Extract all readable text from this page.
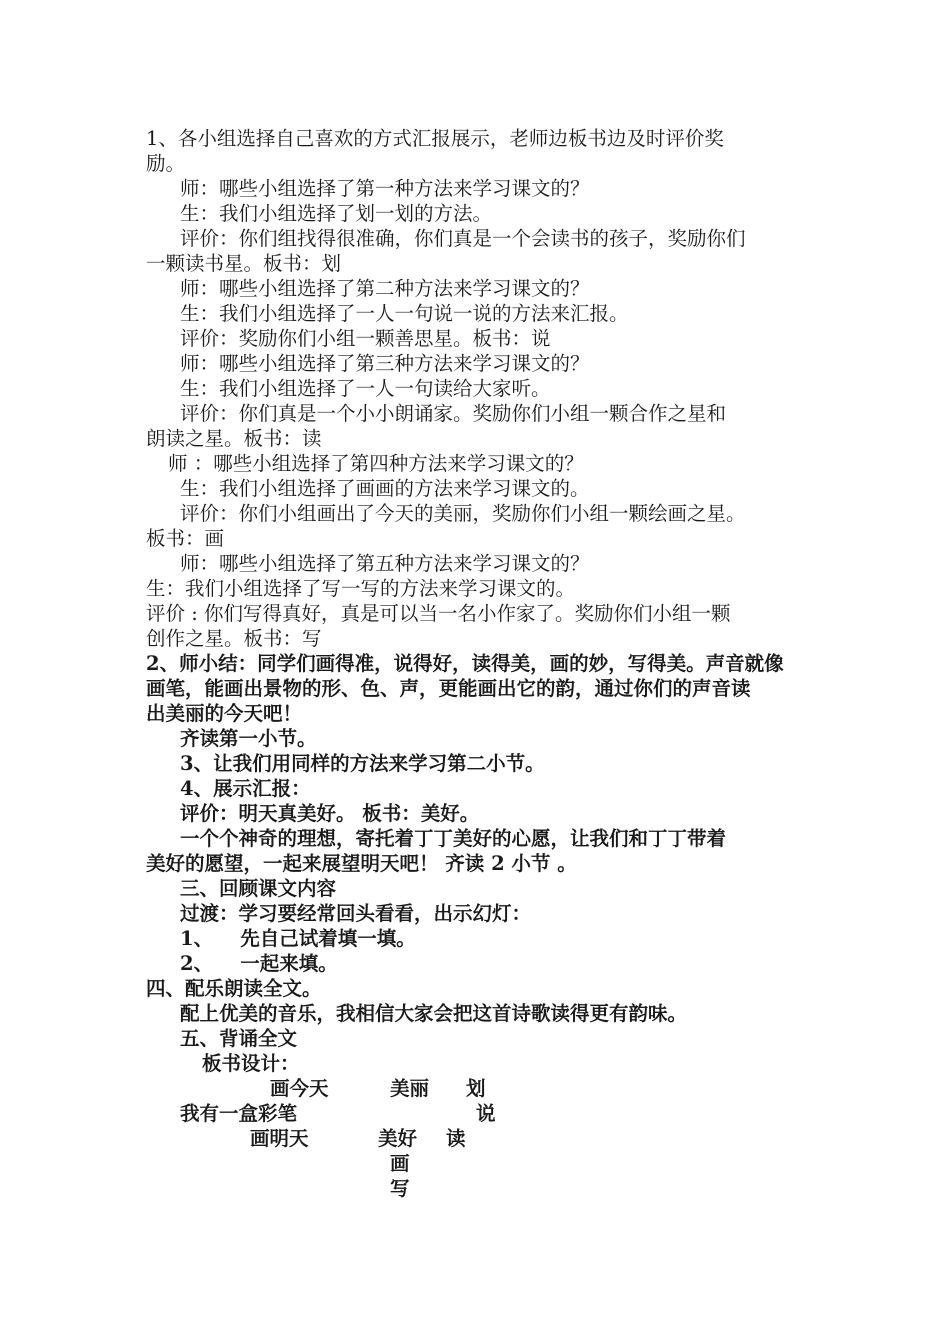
1、各小组选择自己喜欢的方式汇报展示，老师边板书边及时评价奖
励。
师：哪些小组选择了第一种方法来学习课文的？
生：我们小组选择了划一划的方法。
评价：你们组找得很准确，你们真是一个会读书的孩子，奖励你们
一颗读书星。板书：划
师：哪些小组选择了第二种方法来学习课文的？
生：我们小组选择了一人一句说一说的方法来汇报。
评价：奖励你们小组一颗善思星。板书：说
师：哪些小组选择了第三种方法来学习课文的？
生：我们小组选择了一人一句读给大家听。
评价：你们真是一个小小朗诵家。奖励你们小组一颗合作之星和
朗读之星。板书：读
师 ：哪些小组选择了第四种方法来学习课文的？
生：我们小组选择了画画的方法来学习课文的。
评价：你们小组画出了今天的美丽，奖励你们小组一颗绘画之星。
板书：画
师：哪些小组选择了第五种方法来学习课文的？
生：我们小组选择了写一写的方法来学习课文的。
评价 : 你们写得真好，真是可以当一名小作家了。奖励你们小组一颗
创作之星。板书：写
2、师小结：同学们画得准，说得好，读得美，画的妙，写得美。声音就像
画笔，能画出景物的形、色、声，更能画出它的韵，通过你们的声音读
出美丽的今天吧！
齐读第一小节。
3、让我们用同样的方法来学习第二小节。
4、展示汇报：
评价：明天真美好。 板书：美好。
一个个神奇的理想，寄托着丁丁美好的心愿，让我们和丁丁带着
美好的愿望，一起来展望明天吧！ 齐读 2 小节 。
三、回顾课文内容
过渡：学习要经常回头看看，出示幻灯：
1、    先自己试着填一填。
2、    一起来填。
四、配乐朗读全文。
配上优美的音乐，我相信大家会把这首诗歌读得更有韵味。
五、背诵全文
板书设计：
画今天	美丽 划
我有一盒彩笔	说
画明天	美好 读
画
写
